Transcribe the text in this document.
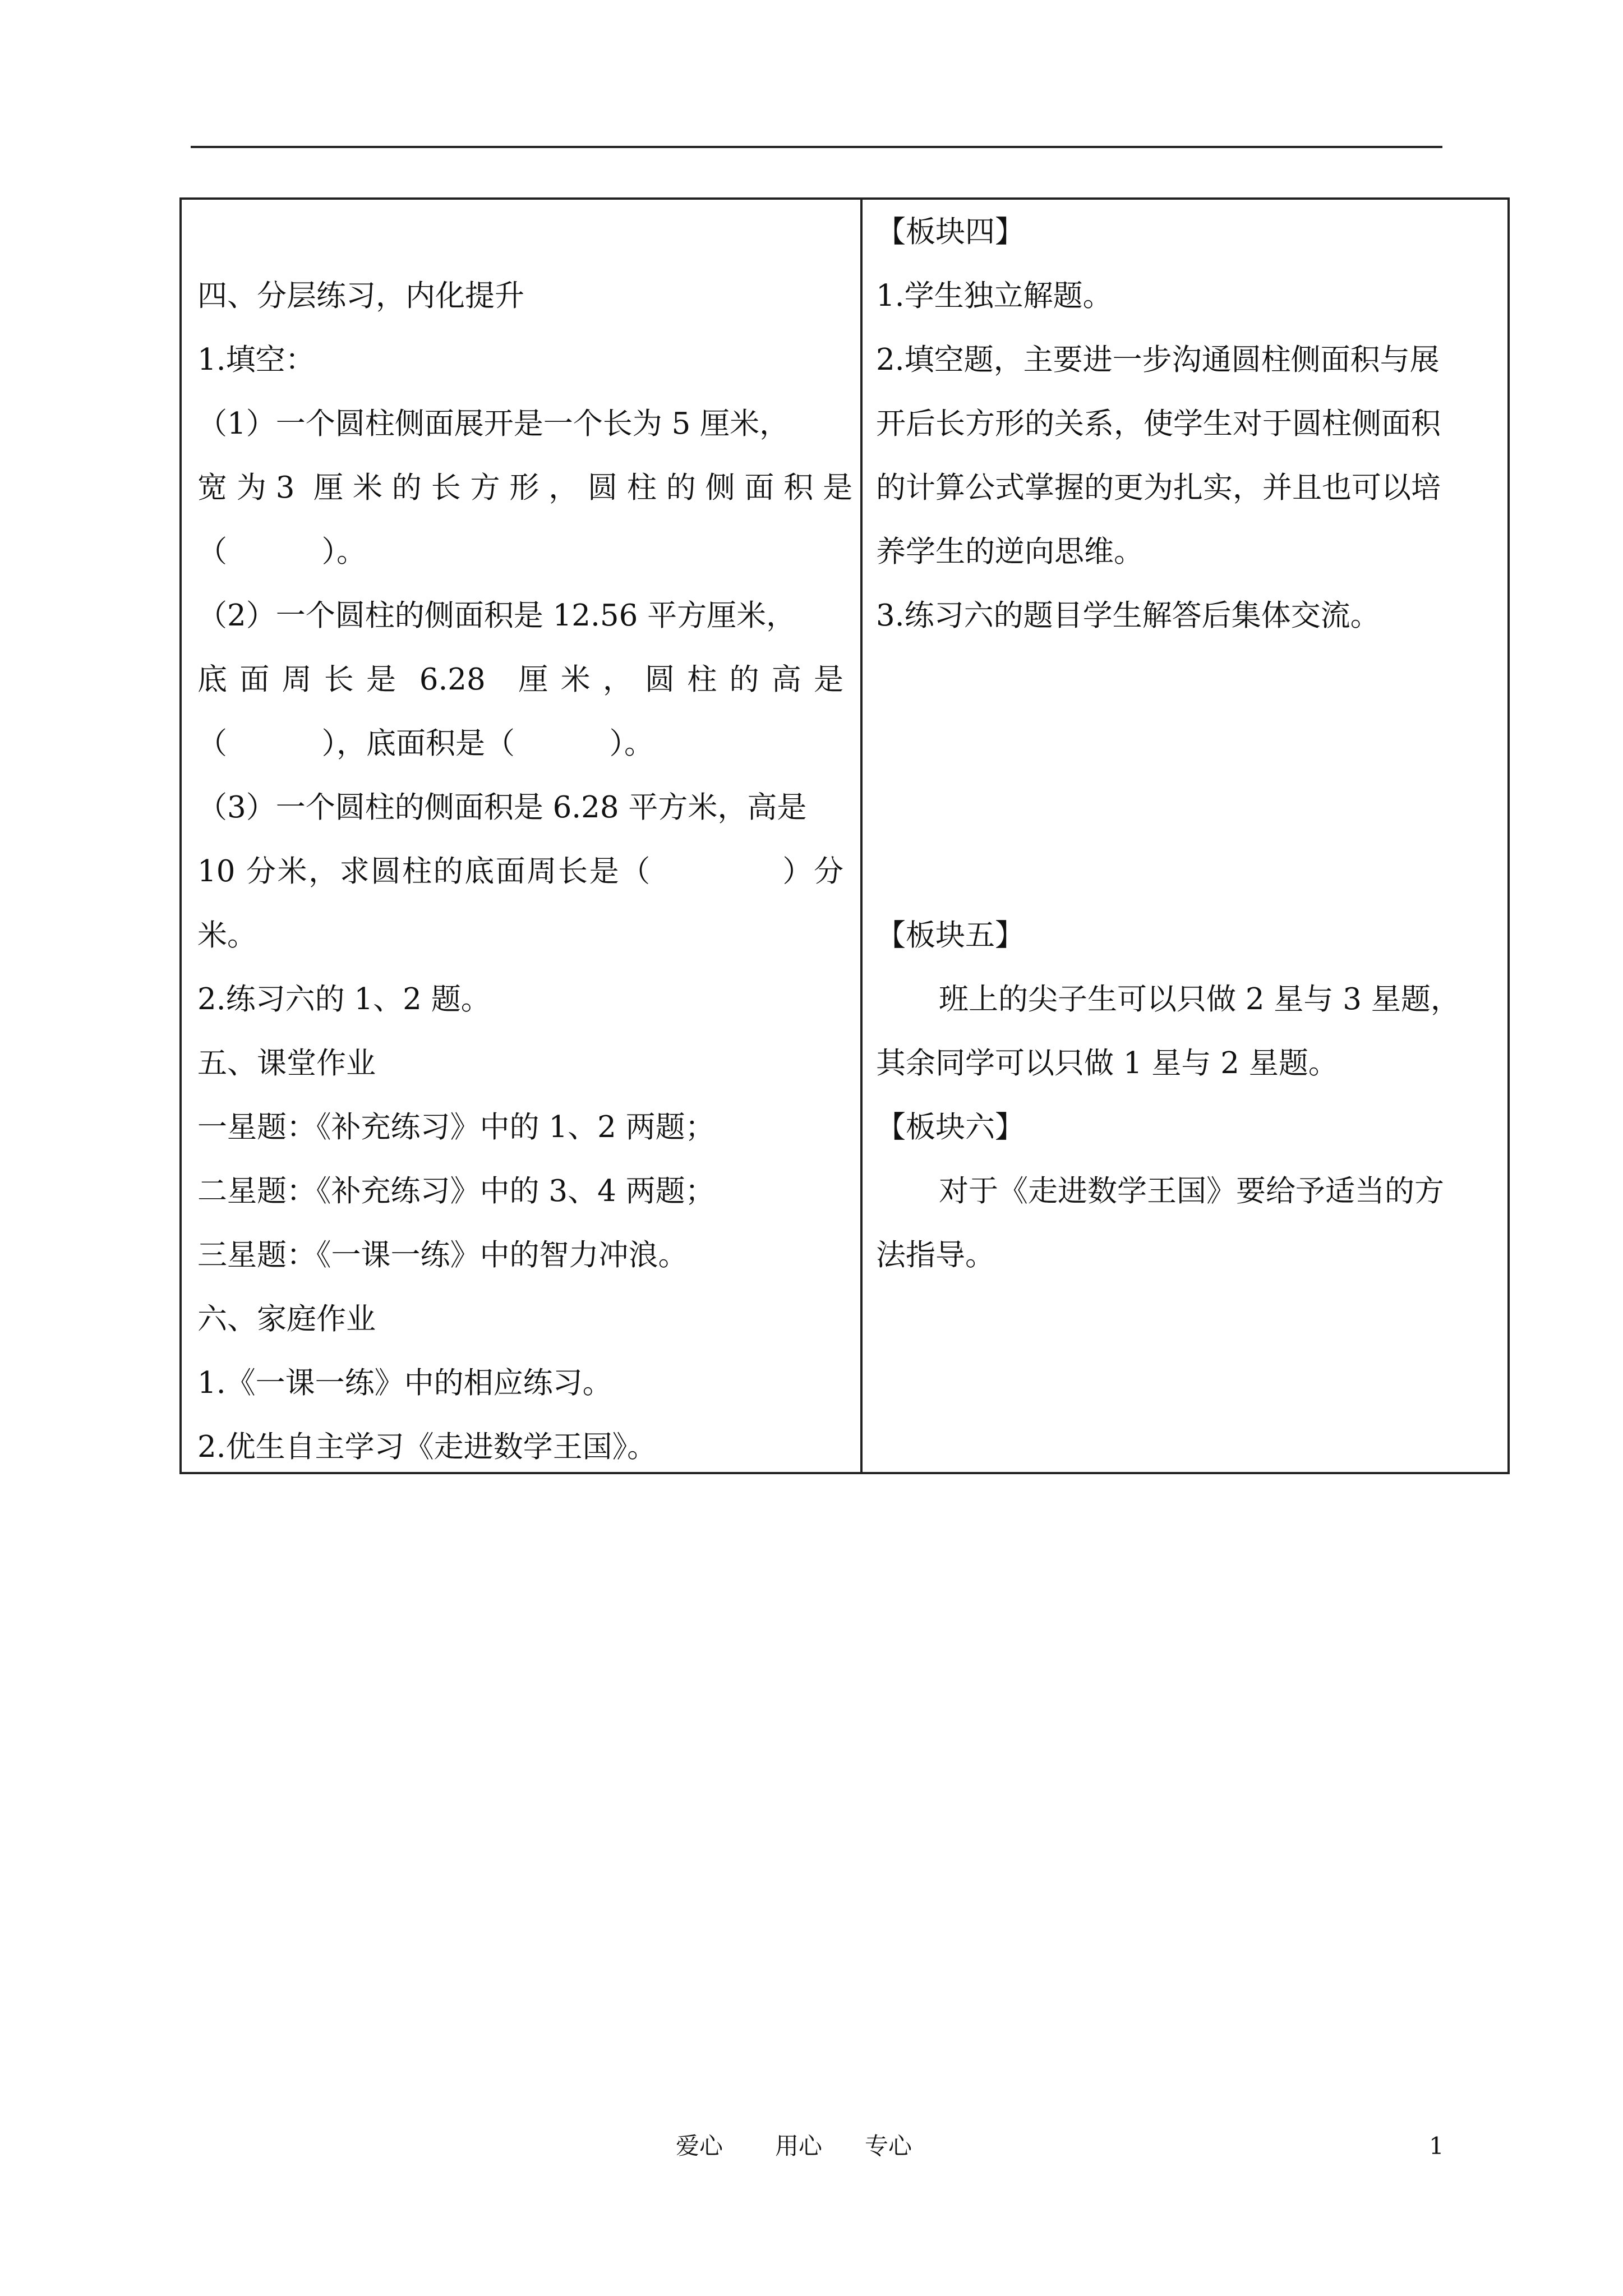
四、分层练习，内化提升
1.填空：
（1）一个圆柱侧面展开是一个长为 5 厘米，
宽 为 3  厘 米 的 长 方 形 ， 圆 柱 的 侧 面 积 是
（          ）。
（2）一个圆柱的侧面积是 12.56 平方厘米，
底 面 周 长 是  6.28   厘 米 ， 圆 柱 的 高 是
（          ），底面积是（          ）。
（3）一个圆柱的侧面积是 6.28 平方米，高是
10 分米，求圆柱的底面周长是（            ）分
米。
2.练习六的 1、2 题。
五、课堂作业
一星题：《补充练习》中的 1、2 两题；
二星题：《补充练习》中的 3、4 两题；
三星题：《一课一练》中的智力冲浪。
六、家庭作业
1.《一课一练》中的相应练习。
2.优生自主学习《走进数学王国》。
【板块四】
1.学生独立解题。
2.填空题，主要进一步沟通圆柱侧面积与展
开后长方形的关系，使学生对于圆柱侧面积
的计算公式掌握的更为扎实，并且也可以培
养学生的逆向思维。
3.练习六的题目学生解答后集体交流。
【板块五】
班上的尖子生可以只做 2 星与 3 星题，
其余同学可以只做 1 星与 2 星题。
【板块六】
对于《走进数学王国》要给予适当的方
法指导。
爱心 用心 专心	1
